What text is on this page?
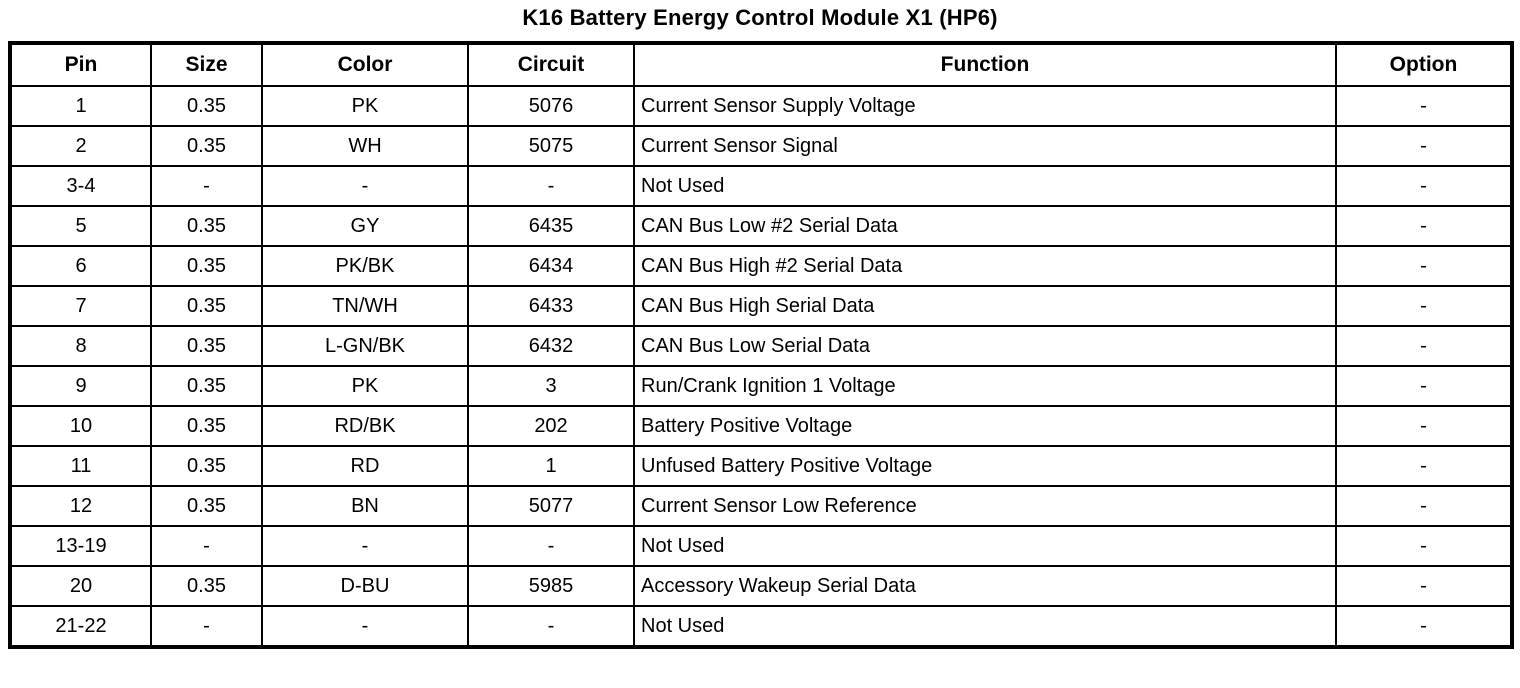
K16 Battery Energy Control Module X1 (HP6)
Pin	Size	Color	Circuit	Function	Option
1	0.35	PK	5076	Current Sensor Supply Voltage	-
2	0.35	WH	5075	Current Sensor Signal	-
3-4	-	-	-	Not Used	-
5	0.35	GY	6435	CAN Bus Low #2 Serial Data	-
6	0.35	PK/BK	6434	CAN Bus High #2 Serial Data	-
7	0.35	TN/WH	6433	CAN Bus High Serial Data	-
8	0.35	L-GN/BK	6432	CAN Bus Low Serial Data	-
9	0.35	PK	3	Run/Crank Ignition 1 Voltage	-
10	0.35	RD/BK	202	Battery Positive Voltage	-
11	0.35	RD	1	Unfused Battery Positive Voltage	-
12	0.35	BN	5077	Current Sensor Low Reference	-
13-19	-	-	-	Not Used	-
20	0.35	D-BU	5985	Accessory Wakeup Serial Data	-
21-22	-	-	-	Not Used	-
